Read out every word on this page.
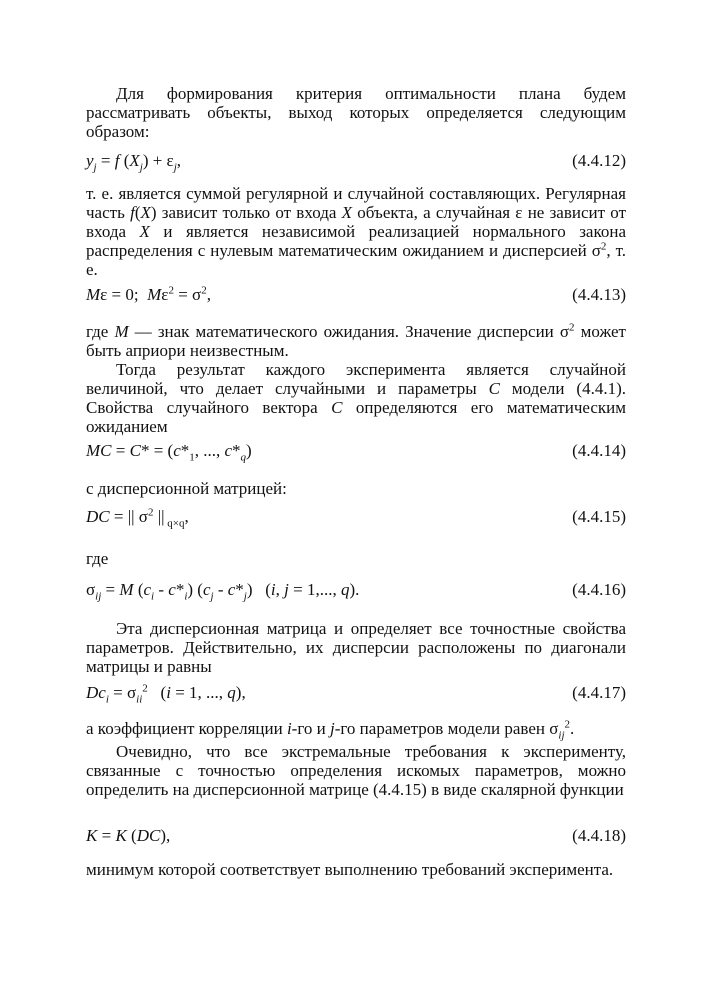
Для формирования критерия оптимальности плана будем рассматривать объекты, выход которых определяется следующим образом:
$y_j = f$ $(X_j) + \varepsilon_j$,	(4.4.12)
т. е. является суммой регулярной и случайной составляющих. Регулярная часть f(X) зависит только от входа X объекта, а случайная ε не зависит от входа X и является независимой реализацией нормального закона распределения с нулевым математическим ожиданием и дисперсией $\sigma^2$, т. е.
Mε = 0;  $M\varepsilon^2 = \sigma^2$,	(4.4.13)
где M — знак математического ожидания. Значение дисперсии $\sigma^2$ может быть априори неизвестным.
Тогда результат каждого эксперимента является случайной величиной, что делает случайными и параметры C модели (4.4.1). Свойства случайного вектора C определяются его математическим ожиданием
MC = $C* = (c*_1$, ..., $c*_q$)	(4.4.14)
с дисперсионной матрицей:
DC = || $\sigma^2$ || $_{q\times q}$,	(4.4.15)
где
$\sigma_{ij} = M$ $(c_i - c*_i)$ $(c_j - c*_j)$   (i, j = 1,..., q).	(4.4.16)
Эта дисперсионная матрица и определяет все точностные свойства параметров. Действительно, их дисперсии расположены по диагонали матрицы и равны
$Dc_i = \sigma_{ii}^2$   (i = 1, ..., q),	(4.4.17)
а коэффициент корреляции i-го и j-го параметров модели равен $\sigma_{ij}^2$.
Очевидно, что все экстремальные требования к эксперименту, связанные с точностью определения искомых параметров, можно определить на дисперсионной матрице (4.4.15) в виде скалярной функции
K = K (DC),	(4.4.18)
минимум которой соответствует выполнению требований эксперимента.
